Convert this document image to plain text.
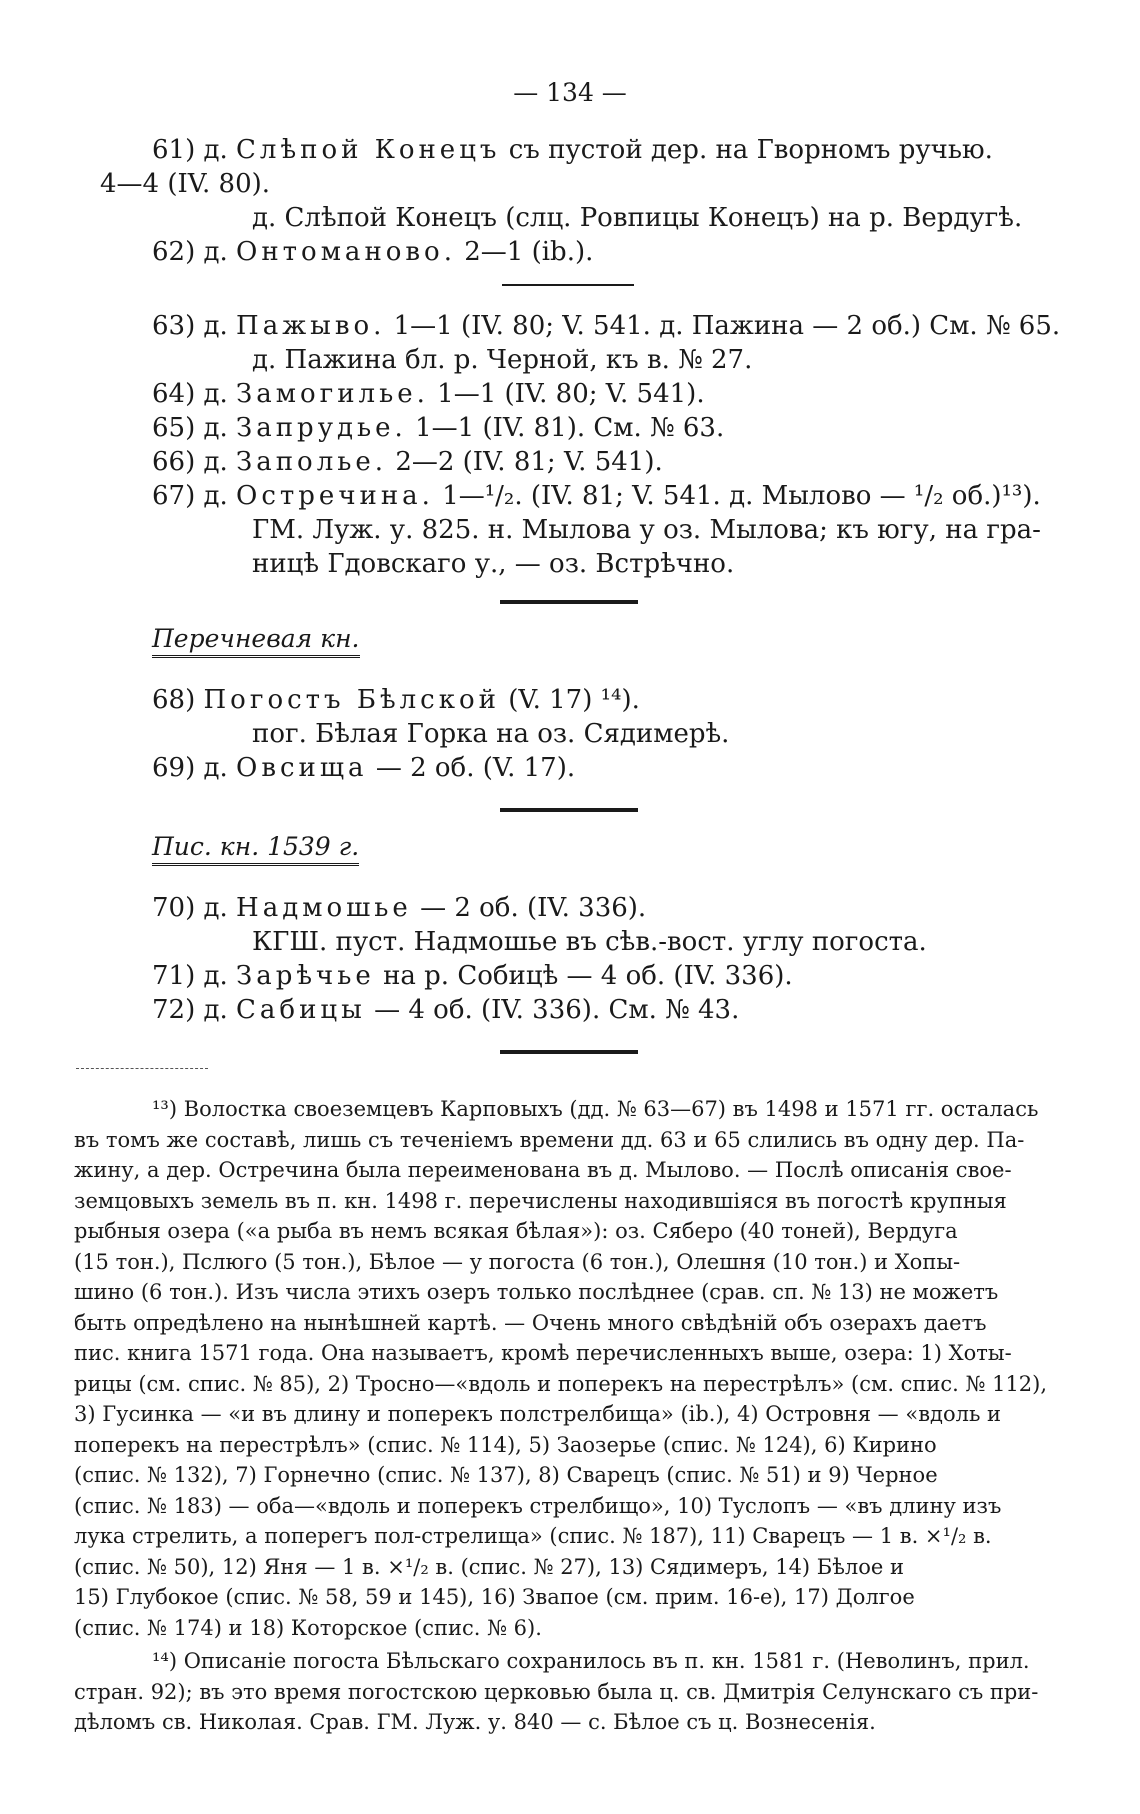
— 134 —
61) д. Слѣпой Конецъ съ пустой дер. на Гворномъ ручью.
4—4 (IV. 80).
д. Слѣпой Конецъ (слц. Ровпицы Конецъ) на р. Вердугѣ.
62) д. Онтоманово. 2—1 (ib.).
63) д. Пажыво. 1—1 (IV. 80; V. 541. д. Пажина — 2 об.) См. № 65.
д. Пажина бл. р. Черной, къ в. № 27.
64) д. Замогилье. 1—1 (IV. 80; V. 541).
65) д. Запрудье. 1—1 (IV. 81). См. № 63.
66) д. Заполье. 2—2 (IV. 81; V. 541).
67) д. Остречина. 1—¹/₂. (IV. 81; V. 541. д. Мылово — ¹/₂ об.)¹³).
ГМ. Луж. у. 825. н. Мылова у оз. Мылова; къ югу, на гра-
ницѣ Гдовскаго у., — оз. Встрѣчно.
Перечневая кн.
68) Погостъ Бѣлской (V. 17) ¹⁴).
пог. Бѣлая Горка на оз. Сядимерѣ.
69) д. Овсища — 2 об. (V. 17).
Пис. кн. 1539 г.
70) д. Надмошье — 2 об. (IV. 336).
КГШ. пуст. Надмошье въ сѣв.-вост. углу погоста.
71) д. Зарѣчье на р. Собицѣ — 4 об. (IV. 336).
72) д. Сабицы — 4 об. (IV. 336). См. № 43.
¹³) Волостка своеземцевъ Карповыхъ (дд. № 63—67) въ 1498 и 1571 гг. осталась
въ томъ же составѣ, лишь съ теченіемъ времени дд. 63 и 65 слились въ одну дер. Па-
жину, а дер. Остречина была переименована въ д. Мылово. — Послѣ описанія свое-
земцовыхъ земель въ п. кн. 1498 г. перечислены находившіяся въ погостѣ крупныя
рыбныя озера («а рыба въ немъ всякая бѣлая»): оз. Сяберо (40 тоней), Вердуга
(15 тон.), Пслюго (5 тон.), Бѣлое — у погоста (6 тон.), Олешня (10 тон.) и Хопы-
шино (6 тон.). Изъ числа этихъ озеръ только послѣднее (срав. сп. № 13) не можетъ
быть опредѣлено на нынѣшней картѣ. — Очень много свѣдѣній объ озерахъ даетъ
пис. книга 1571 года. Она называетъ, кромѣ перечисленныхъ выше, озера: 1) Хоты-
рицы (см. спис. № 85), 2) Тросно—«вдоль и поперекъ на перестрѣлъ» (см. спис. № 112),
3) Гусинка — «и въ длину и поперекъ полстрелбища» (ib.), 4) Островня — «вдоль и
поперекъ на перестрѣлъ» (спис. № 114), 5) Заозерье (спис. № 124), 6) Кирино
(спис. № 132), 7) Горнечно (спис. № 137), 8) Сварецъ (спис. № 51) и 9) Черное
(спис. № 183) — оба—«вдоль и поперекъ стрелбищо», 10) Туслопъ — «въ длину изъ
лука стрелить, а поперегъ пол-стрелища» (спис. № 187), 11) Сварецъ — 1 в. ×¹/₂ в.
(спис. № 50), 12) Яня — 1 в. ×¹/₂ в. (спис. № 27), 13) Сядимеръ, 14) Бѣлое и
15) Глубокое (спис. № 58, 59 и 145), 16) Звапое (см. прим. 16-е), 17) Долгое
(спис. № 174) и 18) Которское (спис. № 6).
¹⁴) Описаніе погоста Бѣльскаго сохранилось въ п. кн. 1581 г. (Неволинъ, прил.
стран. 92); въ это время погостскою церковью была ц. св. Дмитрія Селунскаго съ при-
дѣломъ св. Николая. Срав. ГМ. Луж. у. 840 — с. Бѣлое съ ц. Вознесенія.
